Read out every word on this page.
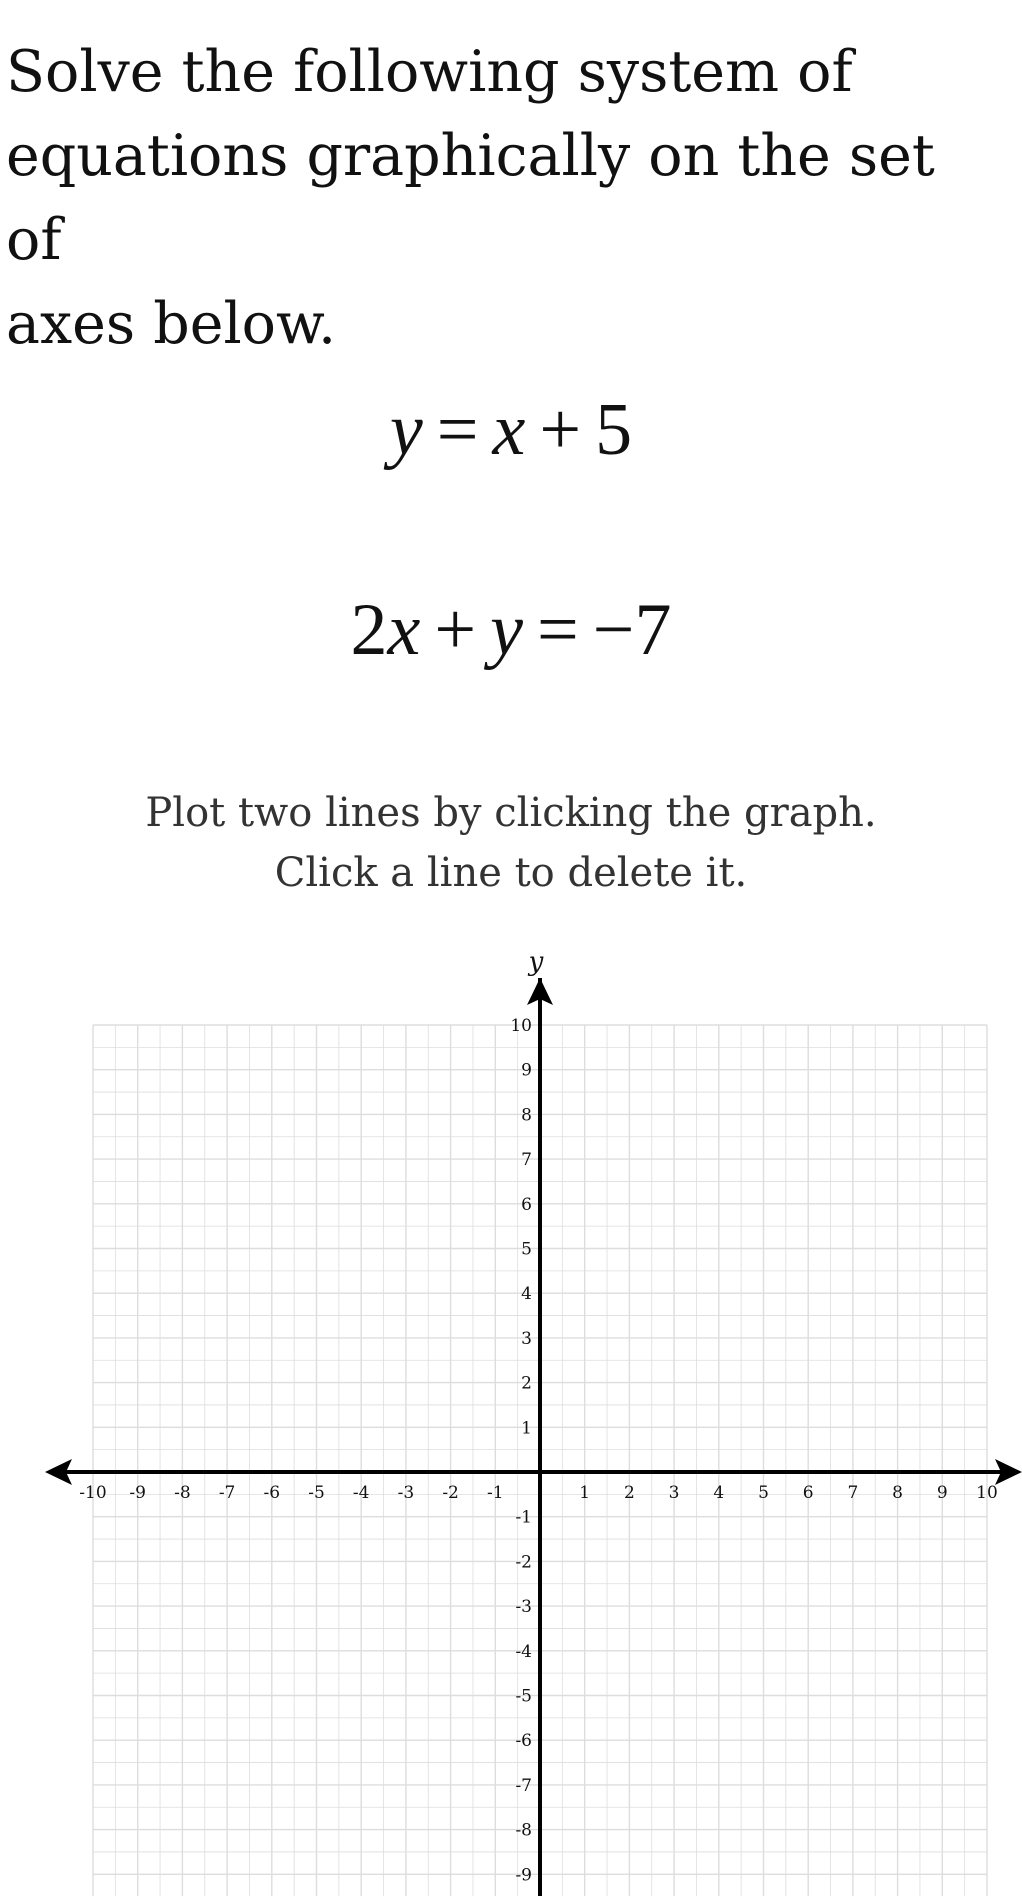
Solve the following system of
equations graphically on the set of
axes below.
y = x + 5
2x + y = −7
Plot two lines by clicking the graph.
Click a line to delete it.
y
-10 -9 -8 -7 -6 -5 -4 -3 -2 -1	1 2 3 4 5 6 7 8 9 10
10
9
8
7
6
5
4
3
2
1
-1
-2
-3
-4
-5
-6
-7
-8
-9
